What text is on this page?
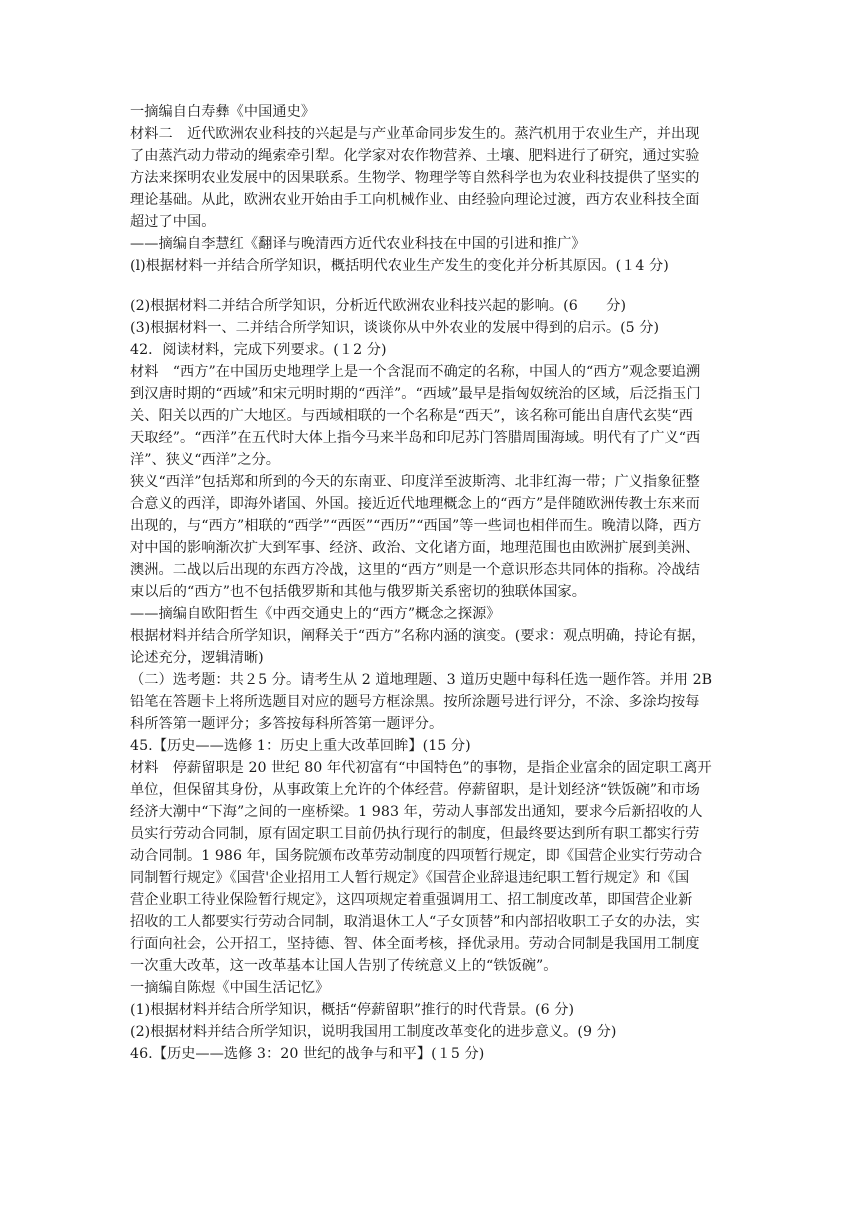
一摘编自白寿彝《中国通史》
材料二　近代欧洲农业科技的兴起是与产业革命同步发生的。蒸汽机用于农业生产，并出现
了由蒸汽动力带动的绳索牵引犁。化学家对农作物营养、土壤、肥料进行了研究，通过实验
方法来探明农业发展中的因果联系。生物学、物理学等自然科学也为农业科技提供了坚实的
理论基础。从此，欧洲农业开始由手工向机械作业、由经验向理论过渡，西方农业科技全面
超过了中国。
——摘编自李慧红《翻译与晚清西方近代农业科技在中国的引进和推广》
(l)根据材料一并结合所学知识，概括明代农业生产发生的变化并分析其原因。(１4 分)
(2)根据材料二并结合所学知识，分析近代欧洲农业科技兴起的影响。(6　　分)
(3)根据材料一、二并结合所学知识，谈谈你从中外农业的发展中得到的启示。(5 分)
42．阅读材料，完成下列要求。(１2 分)
材料　“西方”在中国历史地理学上是一个含混而不确定的名称，中国人的“西方”观念要追溯
到汉唐时期的“西域”和宋元明时期的“西洋”。“西域”最早是指匈奴统治的区域，后泛指玉门
关、阳关以西的广大地区。与西域相联的一个名称是“西天”，该名称可能出自唐代玄奘“西
天取经”。“西洋”在五代时大体上指今马来半岛和印尼苏门答腊周围海域。明代有了广义“西
洋”、狭义“西洋”之分。
狭义“西洋”包括郑和所到的今天的东南亚、印度洋至波斯湾、北非红海一带；广义指象征整
合意义的西洋，即海外诸国、外国。接近近代地理概念上的“西方”是伴随欧洲传教士东来而
出现的，与“西方”相联的“西学”“西医”“西历”“西国”等一些词也相伴而生。晚清以降，西方
对中国的影响渐次扩大到军事、经济、政治、文化诸方面，地理范围也由欧洲扩展到美洲、
澳洲。二战以后出现的东西方冷战，这里的“西方”则是一个意识形态共同体的指称。冷战结
束以后的“西方”也不包括俄罗斯和其他与俄罗斯关系密切的独联体国家。
——摘编自欧阳哲生《中西交通史上的“西方”概念之探源》
根据材料并结合所学知识，阐释关于“西方”名称内涵的演变。(要求：观点明确，持论有据，
论述充分，逻辑清晰)
（二）选考题：共２5 分。请考生从 2 道地理题、3 道历史题中每科任选一题作答。并用 2B
铅笔在答题卡上将所选题目对应的题号方框涂黑。按所涂题号进行评分，不涂、多涂均按每
科所答第一题评分；多答按每科所答第一题评分。
45.【历史——选修 1：历史上重大改革回眸】(15 分)
材料　停薪留职是 20 世纪 80 年代初富有“中国特色”的事物，是指企业富余的固定职工离开
单位，但保留其身份，从事政策上允许的个体经营。停薪留职，是计划经济“铁饭碗”和市场
经济大潮中“下海”之间的一座桥梁。1 983 年，劳动人事部发出通知，要求今后新招收的人
员实行劳动合同制，原有固定职工目前仍执行现行的制度，但最终要达到所有职工都实行劳
动合同制。1 986 年，国务院颁布改革劳动制度的四项暂行规定，即《国营企业实行劳动合
同制暂行规定》《国营'企业招用工人暂行规定》《国营企业辞退违纪职工暂行规定》和《国
营企业职工待业保险暂行规定》，这四项规定着重强调用工、招工制度改革，即国营企业新
招收的工人都要实行劳动合同制，取消退休工人“子女顶替”和内部招收职工子女的办法，实
行面向社会，公开招工，坚持德、智、体全面考核，择优录用。劳动合同制是我国用工制度
一次重大改革，这一改革基本让国人告别了传统意义上的“铁饭碗”。
一摘编自陈煜《中国生活记忆》
(1)根据材料并结合所学知识，概括“停薪留职”推行的时代背景。(6 分)
(2)根据材料并结合所学知识，说明我国用工制度改革变化的进步意义。(9 分)
46.【历史——选修 3：20 世纪的战争与和平】(１5 分)
